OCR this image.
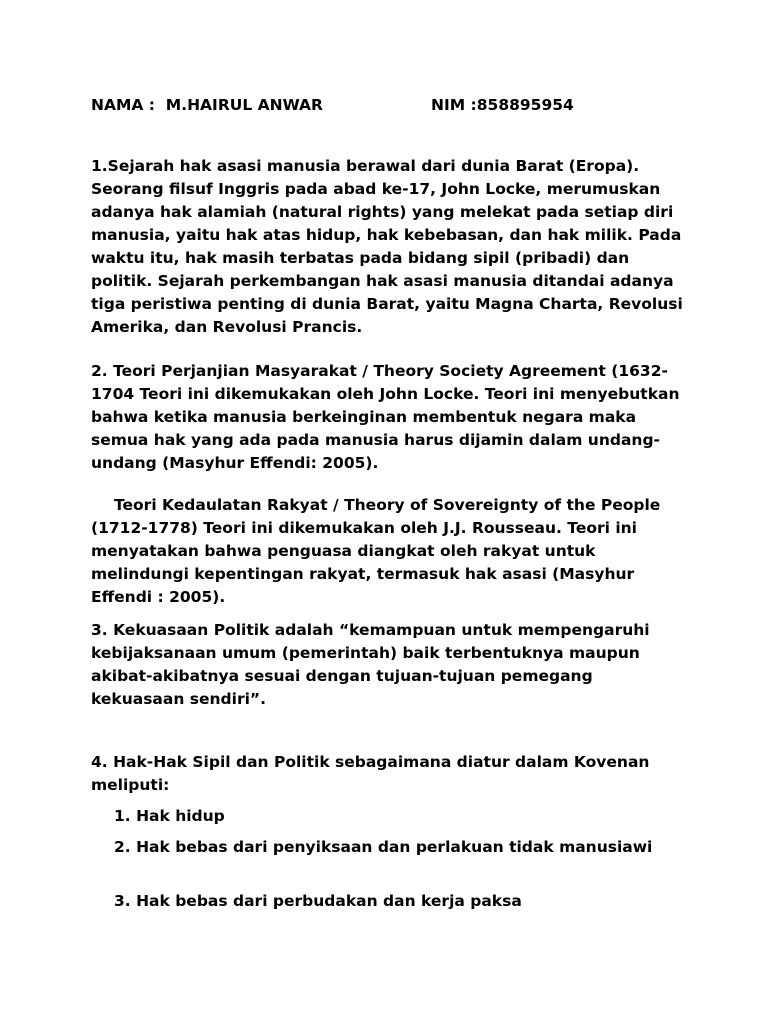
NAMA :  M.HAIRUL ANWAR	NIM :858895954

1.Sejarah hak asasi manusia berawal dari dunia Barat (Eropa). Seorang filsuf Inggris pada abad ke-17, John Locke, merumuskan adanya hak alamiah (natural rights) yang melekat pada setiap diri manusia, yaitu hak atas hidup, hak kebebasan, dan hak milik. Pada waktu itu, hak masih terbatas pada bidang sipil (pribadi) dan politik. Sejarah perkembangan hak asasi manusia ditandai adanya tiga peristiwa penting di dunia Barat, yaitu Magna Charta, Revolusi Amerika, dan Revolusi Prancis.

2. Teori Perjanjian Masyarakat / Theory Society Agreement (1632-1704 Teori ini dikemukakan oleh John Locke. Teori ini menyebutkan bahwa ketika manusia berkeinginan membentuk negara maka semua hak yang ada pada manusia harus dijamin dalam undang-undang (Masyhur Effendi: 2005).

Teori Kedaulatan Rakyat / Theory of Sovereignty of the People (1712-1778) Teori ini dikemukakan oleh J.J. Rousseau. Teori ini menyatakan bahwa penguasa diangkat oleh rakyat untuk melindungi kepentingan rakyat, termasuk hak asasi (Masyhur Effendi : 2005).

3. Kekuasaan Politik adalah “kemampuan untuk mempengaruhi kebijaksanaan umum (pemerintah) baik terbentuknya maupun akibat-akibatnya sesuai dengan tujuan-tujuan pemegang kekuasaan sendiri”.

4. Hak-Hak Sipil dan Politik sebagaimana diatur dalam Kovenan meliputi:

1. Hak hidup

2. Hak bebas dari penyiksaan dan perlakuan tidak manusiawi

3. Hak bebas dari perbudakan dan kerja paksa
